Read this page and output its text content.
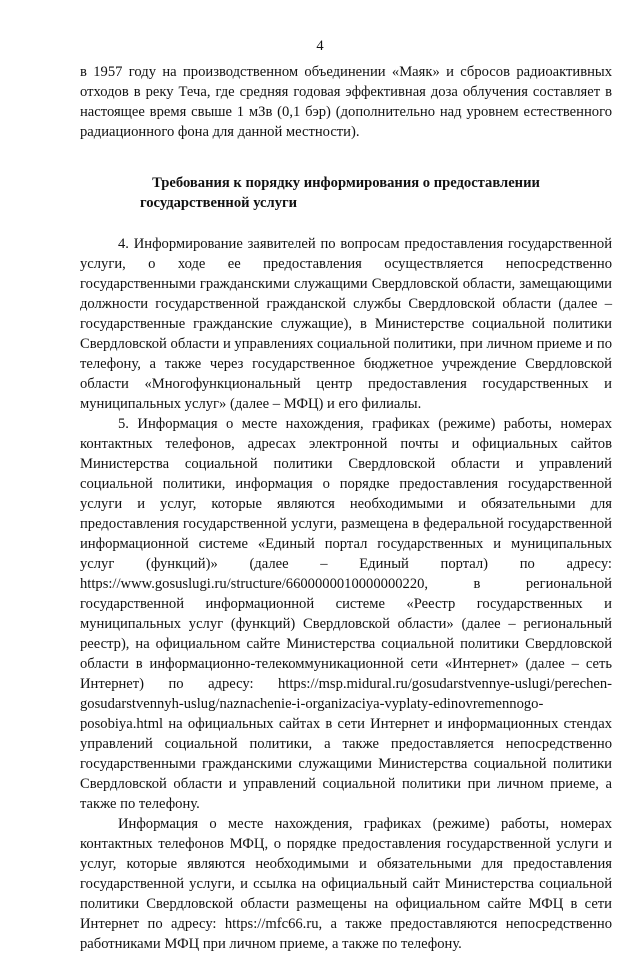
4

в 1957 году на производственном объединении «Маяк» и сбросов радиоактивных отходов в реку Теча, где средняя годовая эффективная доза облучения составляет в настоящее время свыше 1 мЗв (0,1 бэр) (дополнительно над уровнем естественного радиационного фона для данной местности).

Требования к порядку информирования о предоставлении государственной услуги

4. Информирование заявителей по вопросам предоставления государственной услуги, о ходе ее предоставления осуществляется непосредственно государственными гражданскими служащими Свердловской области, замещающими должности государственной гражданской службы Свердловской области (далее – государственные гражданские служащие), в Министерстве социальной политики Свердловской области и управлениях социальной политики, при личном приеме и по телефону, а также через государственное бюджетное учреждение Свердловской области «Многофункциональный центр предоставления государственных и муниципальных услуг» (далее – МФЦ) и его филиалы.

5. Информация о месте нахождения, графиках (режиме) работы, номерах контактных телефонов, адресах электронной почты и официальных сайтов Министерства социальной политики Свердловской области и управлений социальной политики, информация о порядке предоставления государственной услуги и услуг, которые являются необходимыми и обязательными для предоставления государственной услуги, размещена в федеральной государственной информационной системе «Единый портал государственных и муниципальных услуг (функций)» (далее – Единый портал) по адресу: https://www.gosuslugi.ru/structure/6600000010000000220, в региональной государственной информационной системе «Реестр государственных и муниципальных услуг (функций) Свердловской области» (далее – региональный реестр), на официальном сайте Министерства социальной политики Свердловской области в информационно-телекоммуникационной сети «Интернет» (далее – сеть Интернет) по адресу: https://msp.midural.ru/gosudarstvennye-uslugi/perechen-gosudarstvennyh-uslug/naznachenie-i-organizaciya-vyplaty-edinovremennogo-posobiya.html на официальных сайтах в сети Интернет и информационных стендах управлений социальной политики, а также предоставляется непосредственно государственными гражданскими служащими Министерства социальной политики Свердловской области и управлений социальной политики при личном приеме, а также по телефону.

Информация о месте нахождения, графиках (режиме) работы, номерах контактных телефонов МФЦ, о порядке предоставления государственной услуги и услуг, которые являются необходимыми и обязательными для предоставления государственной услуги, и ссылка на официальный сайт Министерства социальной политики Свердловской области размещены на официальном сайте МФЦ в сети Интернет по адресу: https://mfc66.ru, а также предоставляются непосредственно работниками МФЦ при личном приеме, а также по телефону.
